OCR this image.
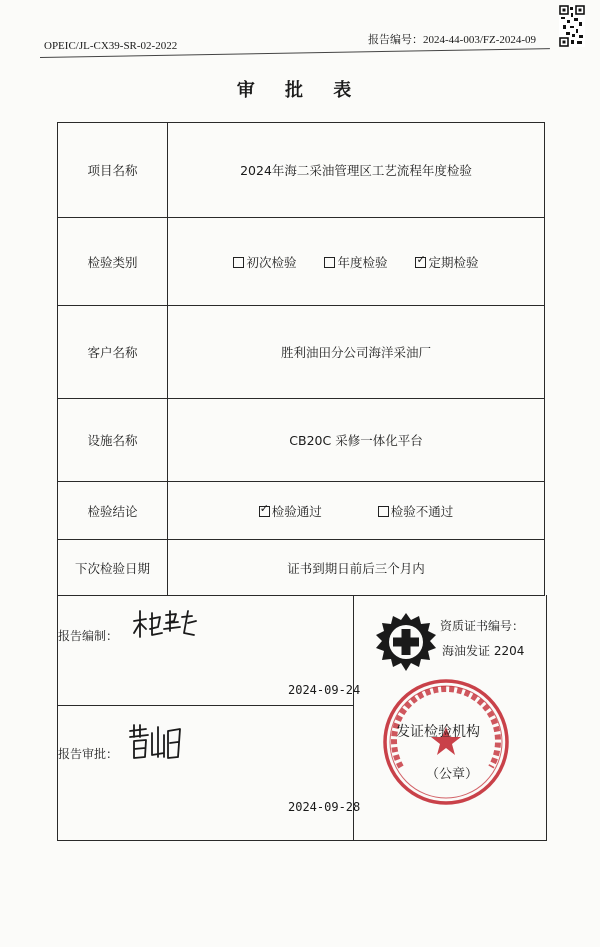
OPEIC/JL-CX39-SR-02-2022	报告编号：2024-44-003/FZ-2024-09
审 批 表
项目名称	2024年海二采油管理区工艺流程年度检验
检验类别	初次检验 年度检验 ✓ 定期检验
客户名称	胜利油田分公司海洋采油厂
设施名称	CB20C 采修一体化平台
检验结论	✓检验通过 检验不通过
下次检验日期	证书到期日前后三个月内
报告编制：
2024-09-24
报告审批：
2024-09-28
资质证书编号：
海油发证 2204
发证检验机构
（公章）
